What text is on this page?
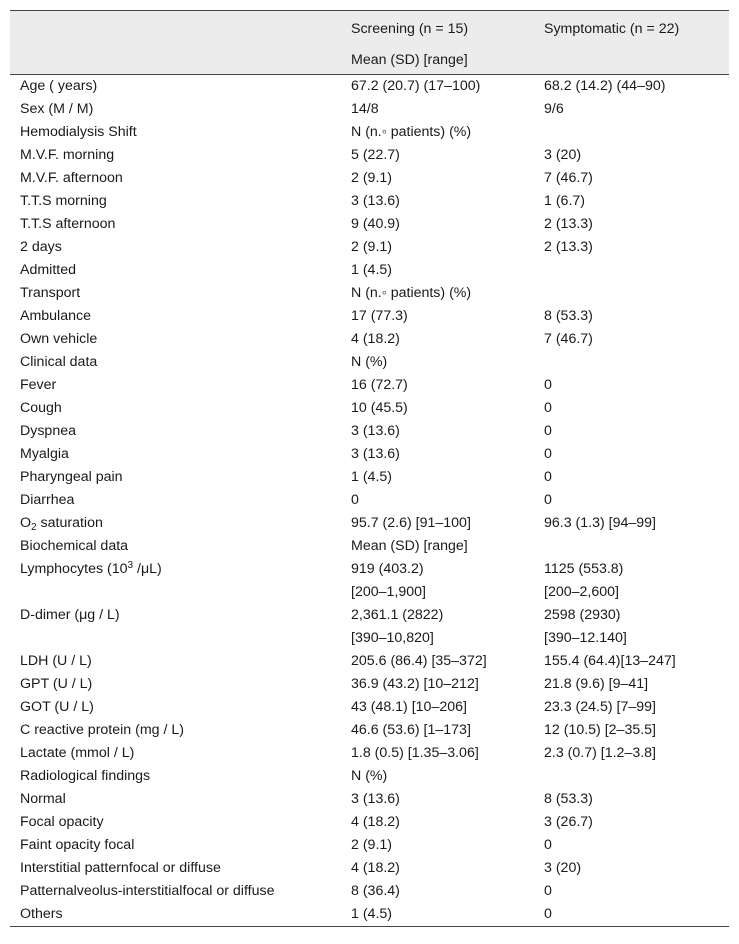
	Screening (n = 15)	Symptomatic (n = 22)
	Mean (SD) [range]	
Age ( years)	67.2 (20.7) (17–100)	68.2 (14.2) (44–90)
Sex (M / M)	14/8	9/6
Hemodialysis Shift	N (n.◦ patients) (%)	
M.V.F. morning	5 (22.7)	3 (20)
M.V.F. afternoon	2 (9.1)	7 (46.7)
T.T.S morning	3 (13.6)	1 (6.7)
T.T.S afternoon	9 (40.9)	2 (13.3)
2 days	2 (9.1)	2 (13.3)
Admitted	1 (4.5)	
Transport	N (n.◦ patients) (%)	
Ambulance	17 (77.3)	8 (53.3)
Own vehicle	4 (18.2)	7 (46.7)
Clinical data	N (%)	
Fever	16 (72.7)	0
Cough	10 (45.5)	0
Dyspnea	3 (13.6)	0
Myalgia	3 (13.6)	0
Pharyngeal pain	1 (4.5)	0
Diarrhea	0	0
$O_2$ saturation	95.7 (2.6) [91–100]	96.3 (1.3) [94–99]
Biochemical data	Mean (SD) [range]	
Lymphocytes ($10^3$ /μL)	919 (403.2)	1125 (553.8)
	[200–1,900]	[200–2,600]
D-dimer (μg / L)	2,361.1 (2822)	2598 (2930)
	[390–10,820]	[390–12.140]
LDH (U / L)	205.6 (86.4) [35–372]	155.4 (64.4)[13–247]
GPT (U / L)	36.9 (43.2) [10–212]	21.8 (9.6) [9–41]
GOT (U / L)	43 (48.1) [10–206]	23.3 (24.5) [7–99]
C reactive protein (mg / L)	46.6 (53.6) [1–173]	12 (10.5) [2–35.5]
Lactate (mmol / L)	1.8 (0.5) [1.35–3.06]	2.3 (0.7) [1.2–3.8]
Radiological findings	N (%)	
Normal	3 (13.6)	8 (53.3)
Focal opacity	4 (18.2)	3 (26.7)
Faint opacity focal	2 (9.1)	0
Interstitial patternfocal or diffuse	4 (18.2)	3 (20)
Patternalveolus-interstitialfocal or diffuse	8 (36.4)	0
Others	1 (4.5)	0
